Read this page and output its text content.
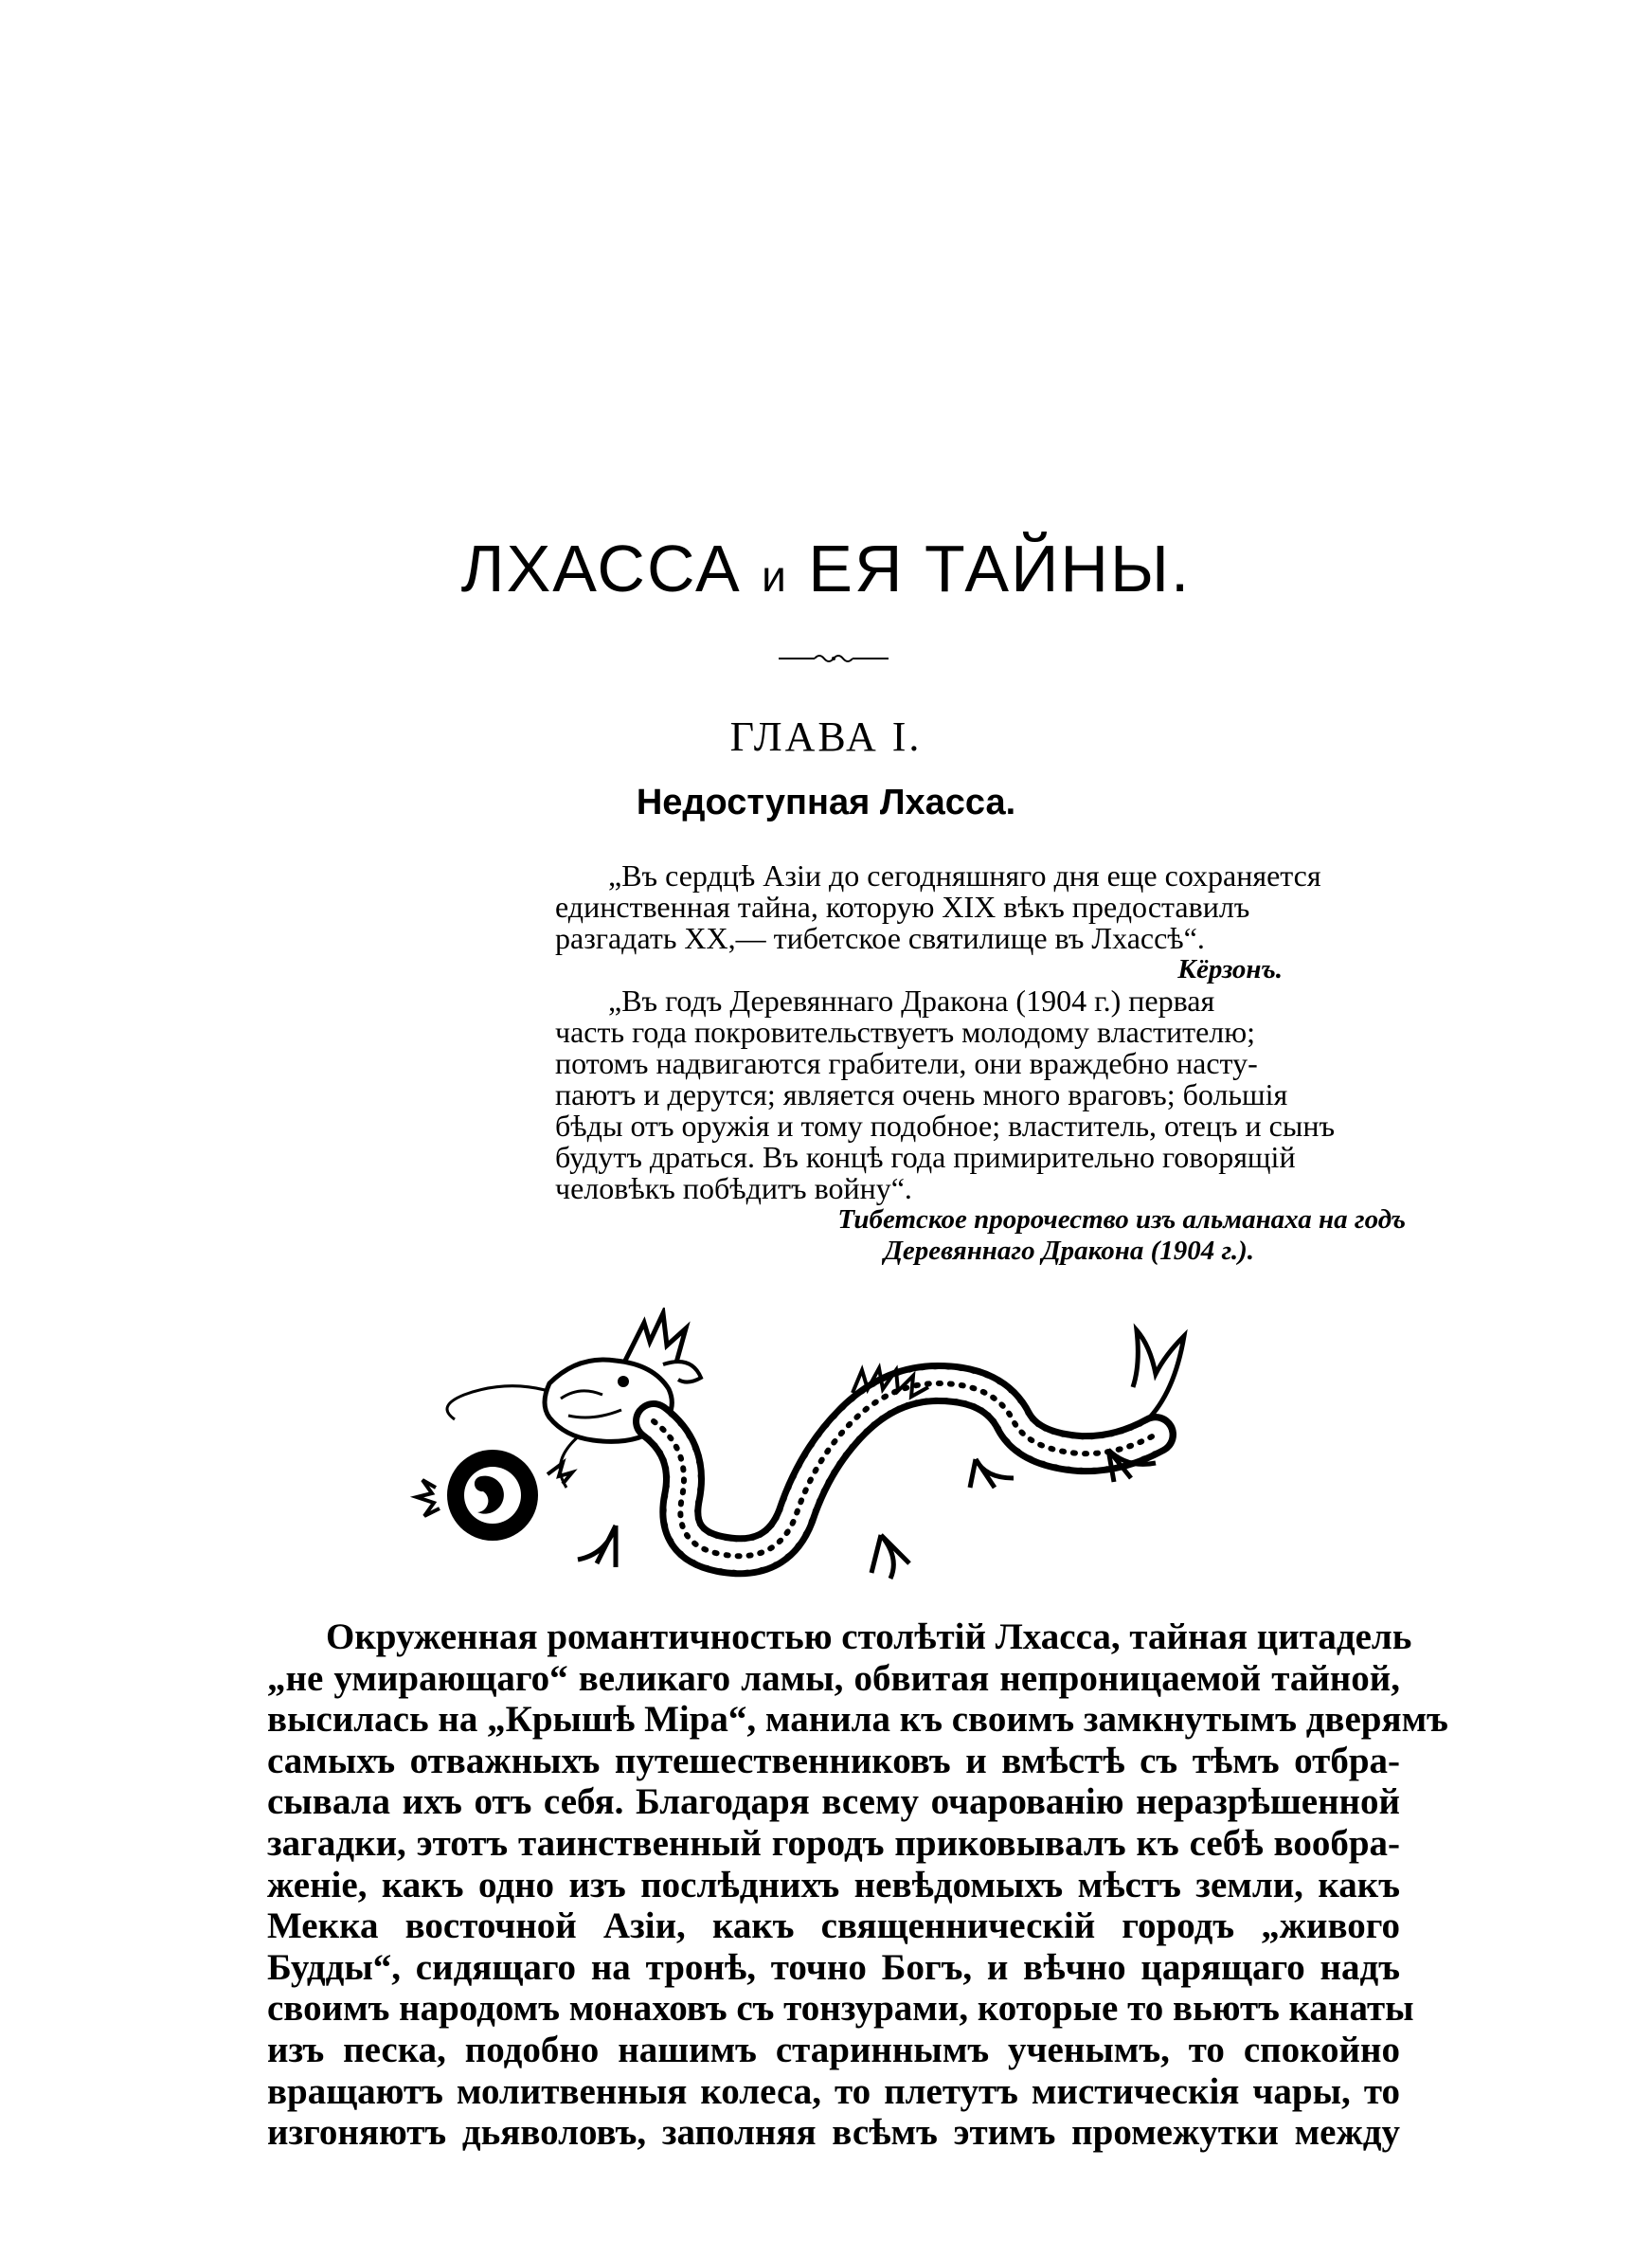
ЛХАССА и ЕЯ ТАЙНЫ.
ГЛАВА I.
Недоступная Лхасса.
„Въ сердцѣ Азіи до сегодняшняго дня еще сохраняется
единственная тайна, которую XIX вѣкъ предоставилъ
разгадать XX,— тибетское святилище въ Лхассѣ“.
Кёрзонъ.
„Въ годъ Деревяннаго Дракона (1904 г.) первая
часть года покровительствуетъ молодому властителю;
потомъ надвигаются грабители, они враждебно насту-
паютъ и дерутся; является очень много враговъ; большія
бѣды отъ оружія и тому подобное; властитель, отецъ и сынъ
будутъ драться. Въ концѣ года примирительно говорящій
человѣкъ побѣдитъ войну“.
Тибетское пророчество изъ альманаха на годъ
Деревяннаго Дракона (1904 г.).
Окруженная романтичностью столѣтій Лхасса, тайная цитадель
„не умирающаго“ великаго ламы, обвитая непроницаемой тайной,
высилась на „Крышѣ Міра“, манила къ своимъ замкнутымъ дверямъ
самыхъ отважныхъ путешественниковъ и вмѣстѣ съ тѣмъ отбра-
сывала ихъ отъ себя. Благодаря всему очарованію неразрѣшенной
загадки, этотъ таинственный городъ приковывалъ къ себѣ вообра-
женіе, какъ одно изъ послѣднихъ невѣдомыхъ мѣстъ земли, какъ
Мекка восточной Азіи, какъ священническій городъ „живого
Будды“, сидящаго на тронѣ, точно Богъ, и вѣчно царящаго надъ
своимъ народомъ монаховъ съ тонзурами, которые то вьютъ канаты
изъ песка, подобно нашимъ стариннымъ ученымъ, то спокойно
вращаютъ молитвенныя колеса, то плетутъ мистическія чары, то
изгоняютъ дьяволовъ, заполняя всѣмъ этимъ промежутки между
